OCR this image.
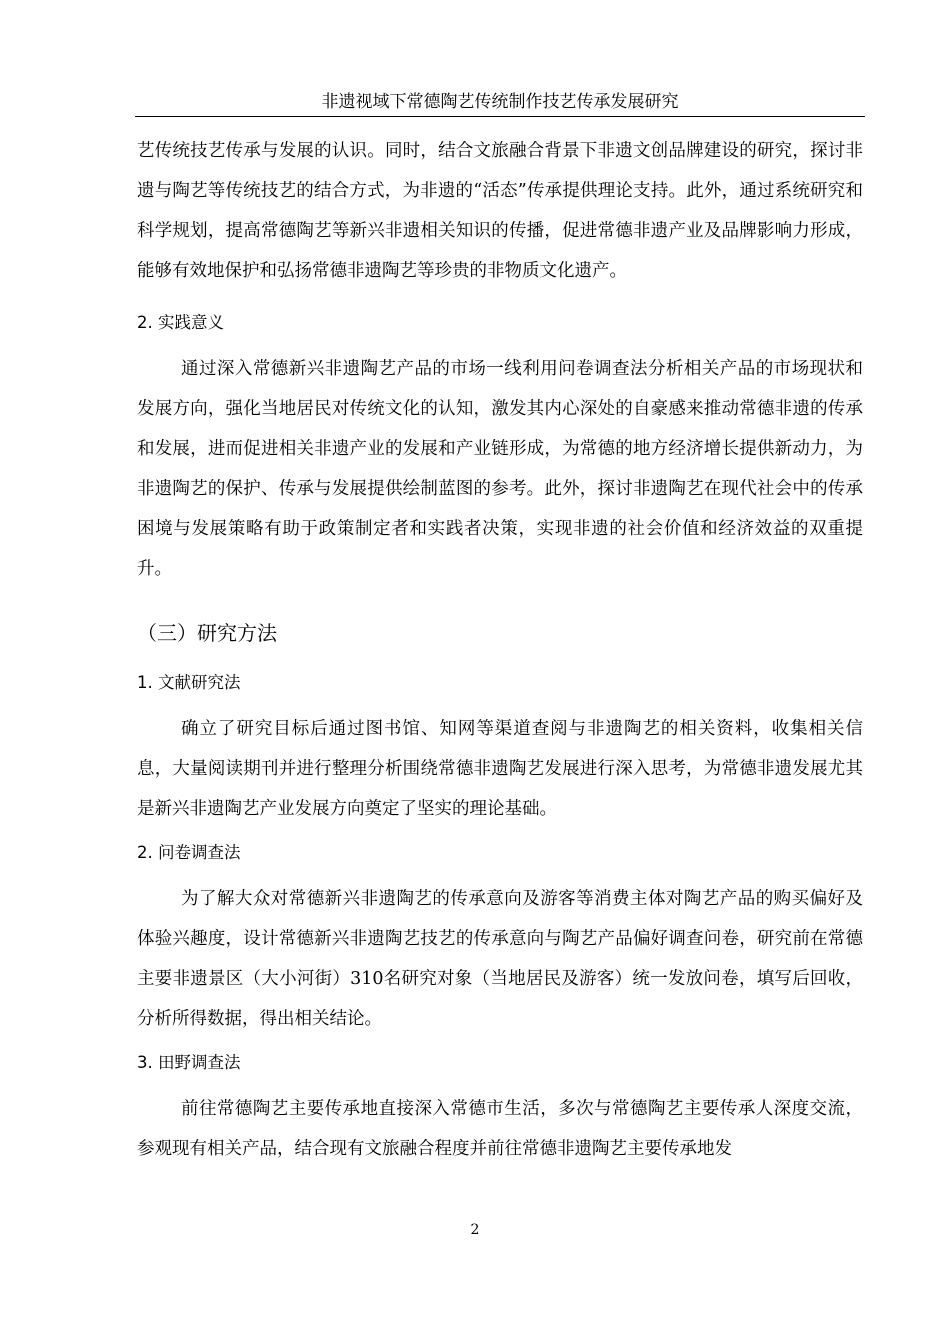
非遗视域下常德陶艺传统制作技艺传承发展研究

艺传统技艺传承与发展的认识。同时，结合文旅融合背景下非遗文创品牌建设的研究，探讨非遗与陶艺等传统技艺的结合方式，为非遗的“活态”传承提供理论支持。此外，通过系统研究和科学规划，提高常德陶艺等新兴非遗相关知识的传播，促进常德非遗产业及品牌影响力形成，能够有效地保护和弘扬常德非遗陶艺等珍贵的非物质文化遗产。

2. 实践意义

通过深入常德新兴非遗陶艺产品的市场一线利用问卷调查法分析相关产品的市场现状和发展方向，强化当地居民对传统文化的认知，激发其内心深处的自豪感来推动常德非遗的传承和发展，进而促进相关非遗产业的发展和产业链形成，为常德的地方经济增长提供新动力，为非遗陶艺的保护、传承与发展提供绘制蓝图的参考。此外，探讨非遗陶艺在现代社会中的传承困境与发展策略有助于政策制定者和实践者决策，实现非遗的社会价值和经济效益的双重提升。

（三）研究方法
1. 文献研究法

确立了研究目标后通过图书馆、知网等渠道查阅与非遗陶艺的相关资料，收集相关信息，大量阅读期刊并进行整理分析围绕常德非遗陶艺发展进行深入思考，为常德非遗发展尤其是新兴非遗陶艺产业发展方向奠定了坚实的理论基础。

2. 问卷调查法

为了解大众对常德新兴非遗陶艺的传承意向及游客等消费主体对陶艺产品的购买偏好及体验兴趣度，设计常德新兴非遗陶艺技艺的传承意向与陶艺产品偏好调查问卷，研究前在常德主要非遗景区（大小河街）310名研究对象（当地居民及游客）统一发放问卷，填写后回收，分析所得数据，得出相关结论。

3. 田野调查法

前往常德陶艺主要传承地直接深入常德市生活，多次与常德陶艺主要传承人深度交流，参观现有相关产品，结合现有文旅融合程度并前往常德非遗陶艺主要传承地发

2
